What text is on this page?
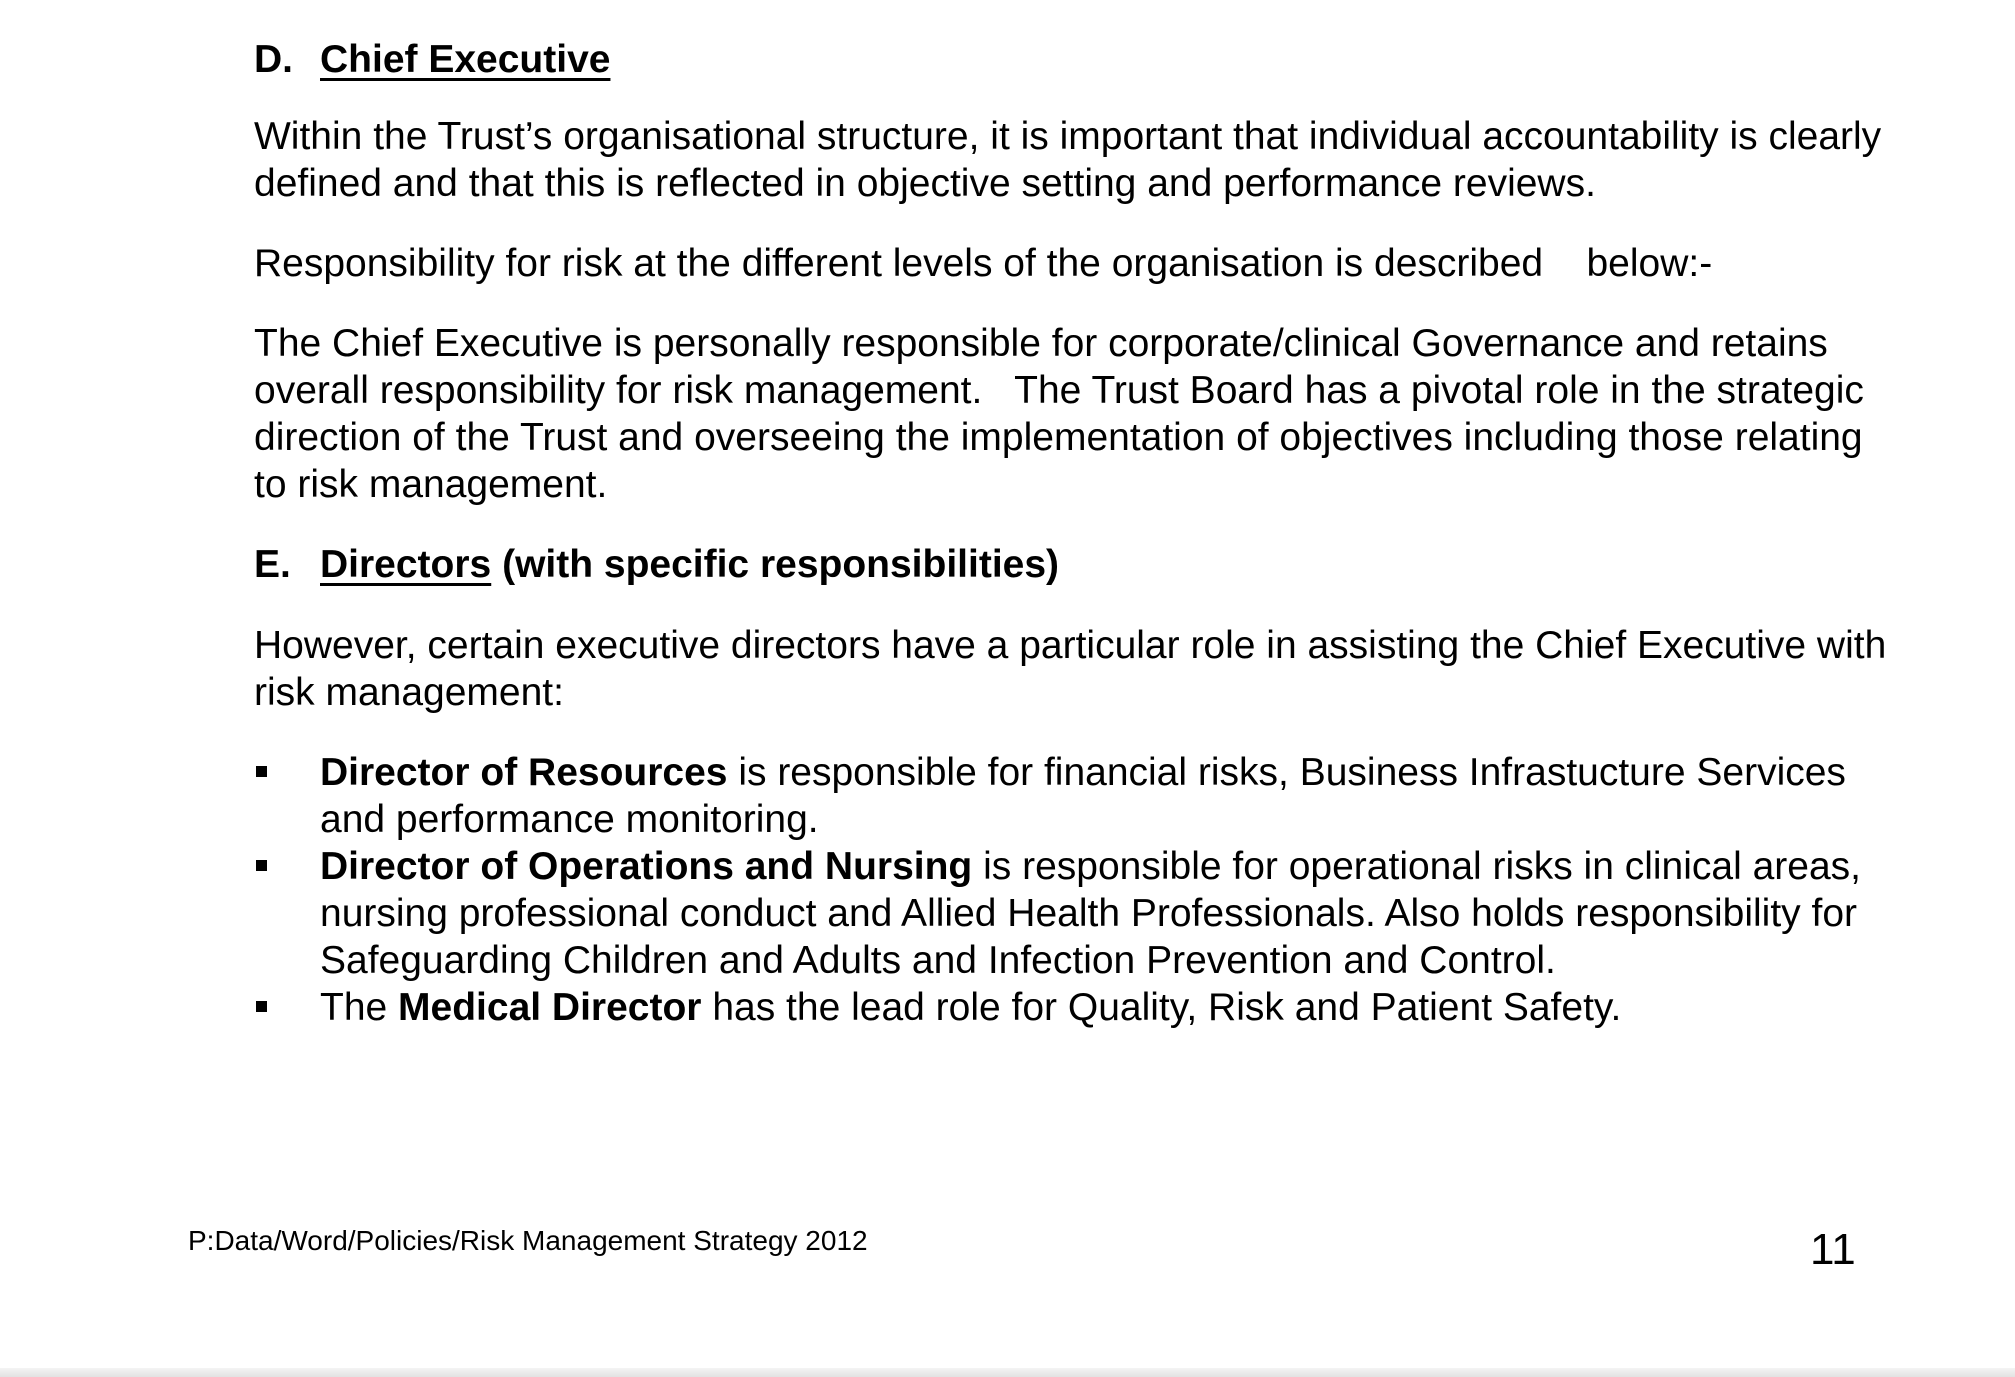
D. Chief Executive

Within the Trust’s organisational structure, it is important that individual accountability is clearly defined and that this is reflected in objective setting and performance reviews.

Responsibility for risk at the different levels of the organisation is described below:-

The Chief Executive is personally responsible for corporate/clinical Governance and retains overall responsibility for risk management. The Trust Board has a pivotal role in the strategic direction of the Trust and overseeing the implementation of objectives including those relating to risk management.

E. Directors (with specific responsibilities)

However, certain executive directors have a particular role in assisting the Chief Executive with risk management:

Director of Resources is responsible for financial risks, Business Infrastucture Services and performance monitoring.
Director of Operations and Nursing is responsible for operational risks in clinical areas, nursing professional conduct and Allied Health Professionals. Also holds responsibility for Safeguarding Children and Adults and Infection Prevention and Control.
The Medical Director has the lead role for Quality, Risk and Patient Safety.
P:Data/Word/Policies/Risk Management Strategy 2012	11
